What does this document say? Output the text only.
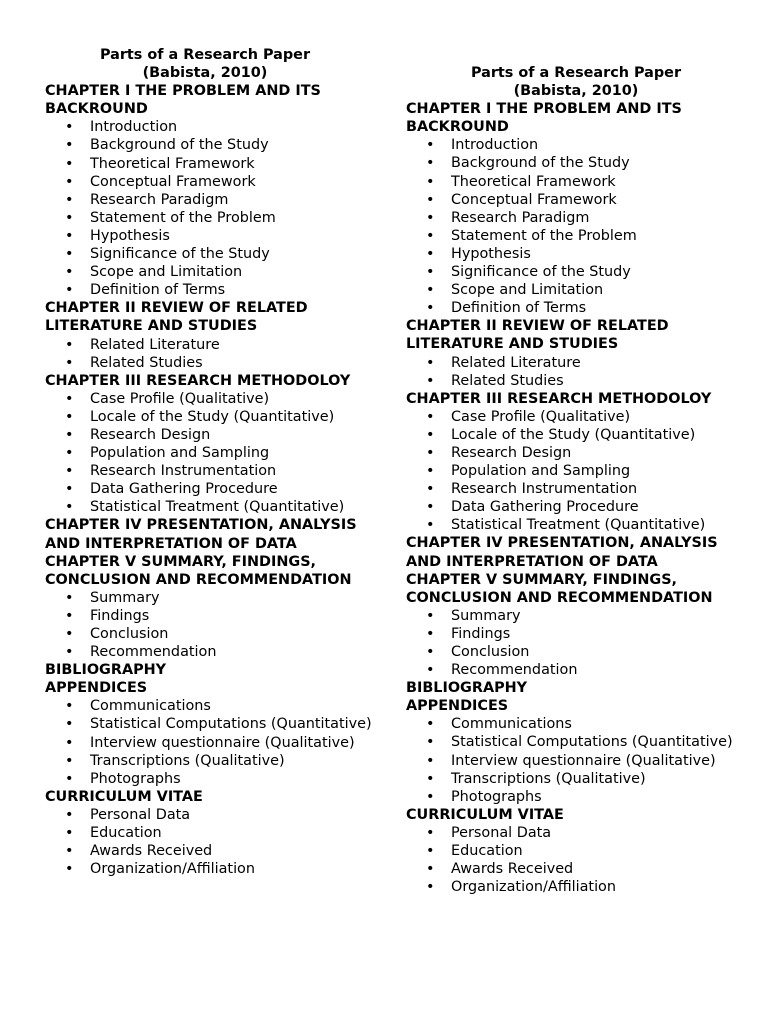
Parts of a Research Paper
(Babista, 2010)
CHAPTER I THE PROBLEM AND ITS BACKROUND
• Introduction
• Background of the Study
• Theoretical Framework
• Conceptual Framework
• Research Paradigm
• Statement of the Problem
• Hypothesis
• Significance of the Study
• Scope and Limitation
• Definition of Terms
CHAPTER II REVIEW OF RELATED LITERATURE AND STUDIES
• Related Literature
• Related Studies
CHAPTER III RESEARCH METHODOLOY
• Case Profile (Qualitative)
• Locale of the Study (Quantitative)
• Research Design
• Population and Sampling
• Research Instrumentation
• Data Gathering Procedure
• Statistical Treatment (Quantitative)
CHAPTER IV PRESENTATION, ANALYSIS AND INTERPRETATION OF DATA
CHAPTER V SUMMARY, FINDINGS, CONCLUSION AND RECOMMENDATION
• Summary
• Findings
• Conclusion
• Recommendation
BIBLIOGRAPHY
APPENDICES
• Communications
• Statistical Computations (Quantitative)
• Interview questionnaire (Qualitative)
• Transcriptions (Qualitative)
• Photographs
CURRICULUM VITAE
• Personal Data
• Education
• Awards Received
• Organization/Affiliation
Parts of a Research Paper
(Babista, 2010)
CHAPTER I THE PROBLEM AND ITS BACKROUND
• Introduction
• Background of the Study
• Theoretical Framework
• Conceptual Framework
• Research Paradigm
• Statement of the Problem
• Hypothesis
• Significance of the Study
• Scope and Limitation
• Definition of Terms
CHAPTER II REVIEW OF RELATED LITERATURE AND STUDIES
• Related Literature
• Related Studies
CHAPTER III RESEARCH METHODOLOY
• Case Profile (Qualitative)
• Locale of the Study (Quantitative)
• Research Design
• Population and Sampling
• Research Instrumentation
• Data Gathering Procedure
• Statistical Treatment (Quantitative)
CHAPTER IV PRESENTATION, ANALYSIS AND INTERPRETATION OF DATA
CHAPTER V SUMMARY, FINDINGS, CONCLUSION AND RECOMMENDATION
• Summary
• Findings
• Conclusion
• Recommendation
BIBLIOGRAPHY
APPENDICES
• Communications
• Statistical Computations (Quantitative)
• Interview questionnaire (Qualitative)
• Transcriptions (Qualitative)
• Photographs
CURRICULUM VITAE
• Personal Data
• Education
• Awards Received
• Organization/Affiliation
